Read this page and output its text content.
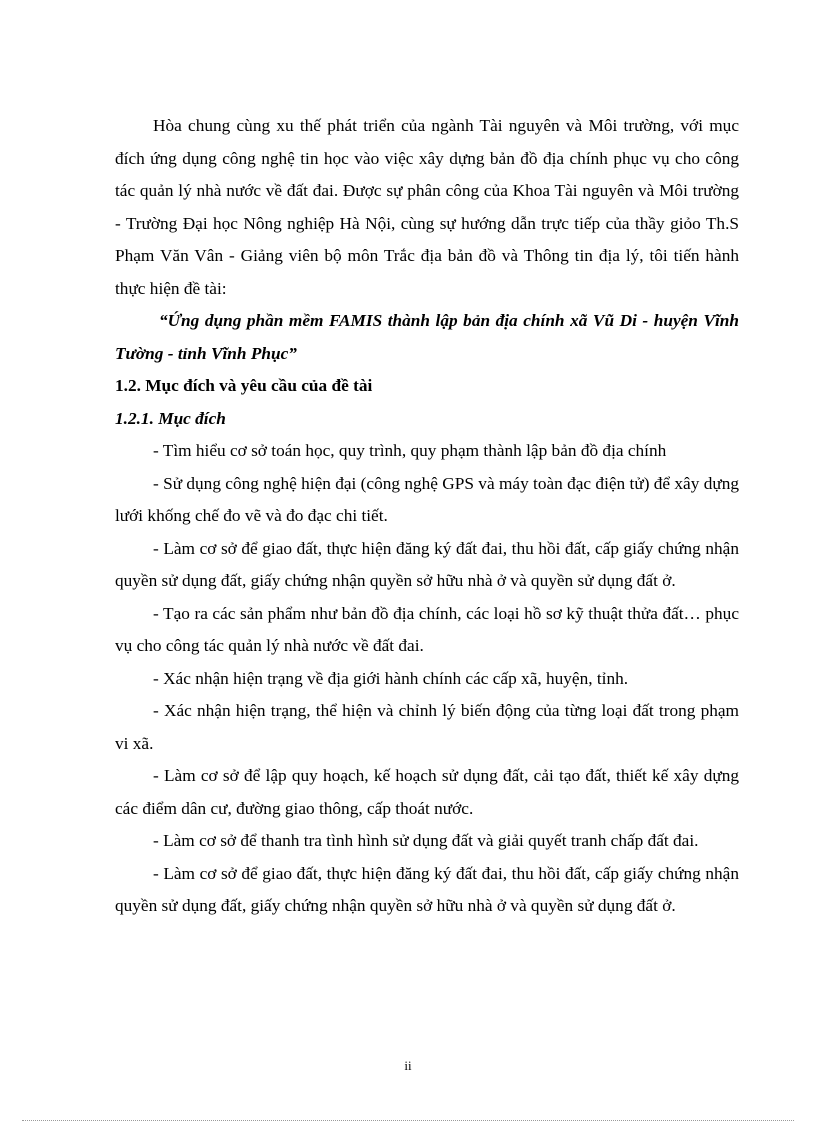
Hòa chung cùng xu thế phát triển của ngành Tài nguyên và Môi trường, với mục đích ứng dụng công nghệ tin học vào việc xây dựng bản đồ địa chính phục vụ cho công tác quản lý nhà nước về đất đai. Được sự phân công của Khoa Tài nguyên và Môi trường - Trường Đại học Nông nghiệp Hà Nội, cùng sự hướng dẫn trực tiếp của thầy giỏo Th.S Phạm Văn Vân - Giảng viên bộ môn Trắc địa bản đồ và Thông tin địa lý, tôi tiến hành thực hiện đề tài:

“Ứng dụng phần mềm FAMIS thành lập bản địa chính xã Vũ Di - huyện Vĩnh Tường - tỉnh Vĩnh Phục”

1.2. Mục đích và yêu cầu của đề tài

1.2.1. Mục đích

- Tìm hiểu cơ sở toán học, quy trình, quy phạm thành lập bản đồ địa chính

- Sử dụng công nghệ hiện đại (công nghệ GPS và máy toàn đạc điện tử) để xây dựng lưới khống chế đo vẽ và đo đạc chi tiết.

- Làm cơ sở để giao đất, thực hiện đăng ký đất đai, thu hồi đất, cấp giấy chứng nhận quyền sử dụng đất, giấy chứng nhận quyền sở hữu nhà ở và quyền sử dụng đất ở.

- Tạo ra các sản phẩm như bản đồ địa chính, các loại hồ sơ kỹ thuật thửa đất… phục vụ cho công tác quản lý nhà nước về đất đai.

- Xác nhận hiện trạng về địa giới hành chính các cấp xã, huyện, tỉnh.

- Xác nhận hiện trạng, thể hiện và chỉnh lý biến động của từng loại đất trong phạm vi xã.

- Làm cơ sở để lập quy hoạch, kế hoạch sử dụng đất, cải tạo đất, thiết kế xây dựng các điểm dân cư, đường giao thông, cấp thoát nước.

- Làm cơ sở để thanh tra tình hình sử dụng đất và giải quyết tranh chấp đất đai.

- Làm cơ sở để giao đất, thực hiện đăng ký đất đai, thu hồi đất, cấp giấy chứng nhận quyền sử dụng đất, giấy chứng nhận quyền sở hữu nhà ở và quyền sử dụng đất ở.

ii
